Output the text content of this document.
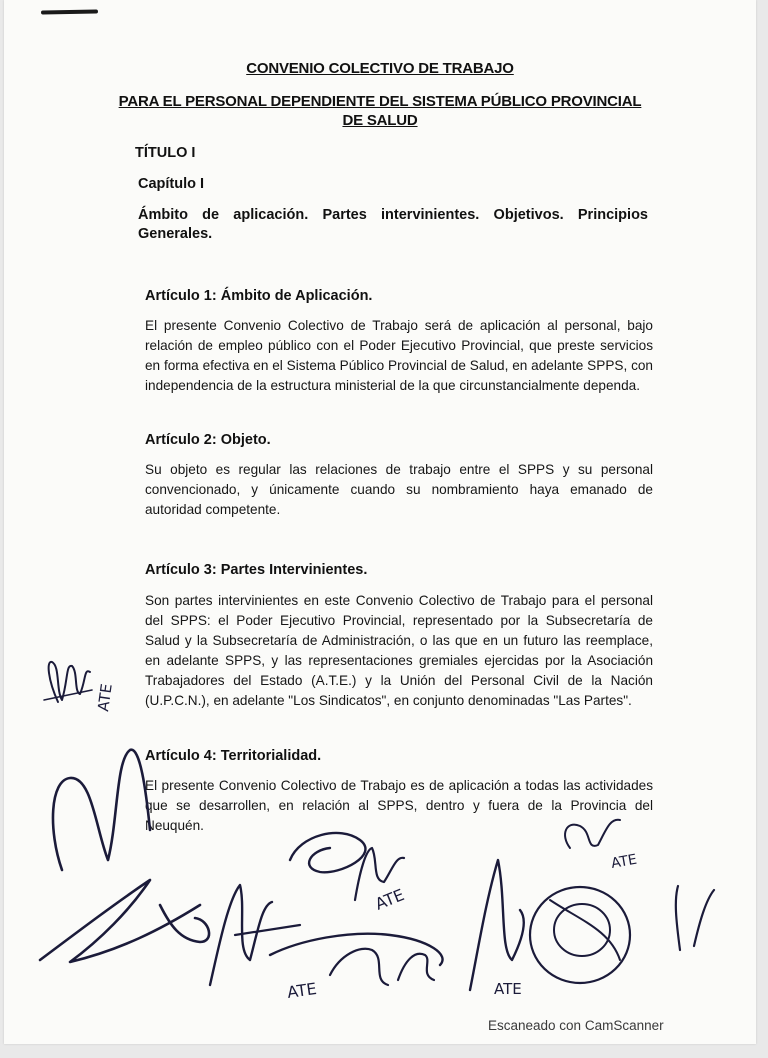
CONVENIO COLECTIVO DE TRABAJO
PARA EL PERSONAL DEPENDIENTE DEL SISTEMA PÚBLICO PROVINCIAL
DE SALUD
TÍTULO I
Capítulo I
Ámbito de aplicación. Partes intervinientes. Objetivos. Principios Generales.
Artículo 1: Ámbito de Aplicación.
El presente Convenio Colectivo de Trabajo será de aplicación al personal, bajo relación de empleo público con el Poder Ejecutivo Provincial, que preste servicios en forma efectiva en el Sistema Público Provincial de Salud, en adelante SPPS, con independencia de la estructura ministerial de la que circunstancialmente dependa.
Artículo 2: Objeto.
Su objeto es regular las relaciones de trabajo entre el SPPS y su personal convencionado, y únicamente cuando su nombramiento haya emanado de autoridad competente.
Artículo 3: Partes Intervinientes.
Son partes intervinientes en este Convenio Colectivo de Trabajo para el personal del SPPS: el Poder Ejecutivo Provincial, representado por la Subsecretaría de Salud y la Subsecretaría de Administración, o las que en un futuro las reemplace, en adelante SPPS, y las representaciones gremiales ejercidas por la Asociación Trabajadores del Estado (A.T.E.) y la Unión del Personal Civil de la Nación (U.P.C.N.), en adelante "Los Sindicatos", en conjunto denominadas "Las Partes".
Artículo 4: Territorialidad.
El presente Convenio Colectivo de Trabajo es de aplicación a todas las actividades que se desarrollen, en relación al SPPS, dentro y fuera de la Provincia del Neuquén.
ATE
ATE
ATE	ATE
ATE
Escaneado con CamScanner
